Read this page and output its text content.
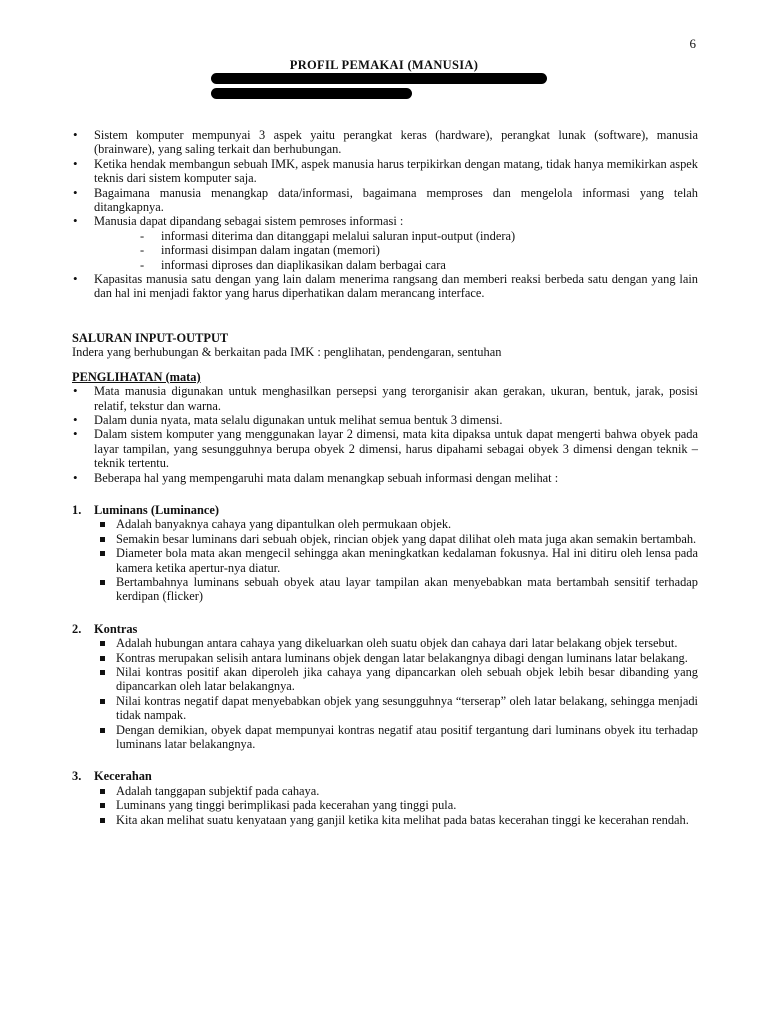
6
PROFIL PEMAKAI (MANUSIA)
• Sistem komputer mempunyai 3 aspek yaitu perangkat keras (hardware), perangkat lunak (software), manusia (brainware), yang saling terkait dan berhubungan.
• Ketika hendak membangun sebuah IMK, aspek manusia harus terpikirkan dengan matang, tidak hanya memikirkan aspek teknis dari sistem komputer saja.
• Bagaimana manusia menangkap data/informasi, bagaimana memproses dan mengelola informasi yang telah ditangkapnya.
• Manusia dapat dipandang sebagai sistem pemroses informasi :
- informasi diterima dan ditanggapi melalui saluran input-output (indera)
- informasi disimpan dalam ingatan (memori)
- informasi diproses dan diaplikasikan dalam berbagai cara
• Kapasitas manusia satu dengan yang lain dalam menerima rangsang dan memberi reaksi berbeda satu dengan yang lain dan hal ini menjadi faktor yang harus diperhatikan dalam merancang interface.
SALURAN INPUT-OUTPUT
Indera yang berhubungan & berkaitan pada IMK : penglihatan, pendengaran, sentuhan
PENGLIHATAN (mata)
• Mata manusia digunakan untuk menghasilkan persepsi yang terorganisir akan gerakan, ukuran, bentuk, jarak, posisi relatif, tekstur dan warna.
• Dalam dunia nyata, mata selalu digunakan untuk melihat semua bentuk 3 dimensi.
• Dalam sistem komputer yang menggunakan layar 2 dimensi, mata kita dipaksa untuk dapat mengerti bahwa obyek pada layar tampilan, yang sesungguhnya berupa obyek 2 dimensi, harus dipahami sebagai obyek 3 dimensi dengan teknik – teknik tertentu.
• Beberapa hal yang mempengaruhi mata dalam menangkap sebuah informasi dengan melihat :
1. Luminans (Luminance)
Adalah banyaknya cahaya yang dipantulkan oleh permukaan objek.
Semakin besar luminans dari sebuah objek, rincian objek yang dapat dilihat oleh mata juga akan semakin bertambah.
Diameter bola mata akan mengecil sehingga akan meningkatkan kedalaman fokusnya. Hal ini ditiru oleh lensa pada kamera ketika apertur-nya diatur.
Bertambahnya luminans sebuah obyek atau layar tampilan akan menyebabkan mata bertambah sensitif terhadap kerdipan (flicker)
2. Kontras
Adalah hubungan antara cahaya yang dikeluarkan oleh suatu objek dan cahaya dari latar belakang objek tersebut.
Kontras merupakan selisih antara luminans objek dengan latar belakangnya dibagi dengan luminans latar belakang.
Nilai kontras positif akan diperoleh jika cahaya yang dipancarkan oleh sebuah objek lebih besar dibanding yang dipancarkan oleh latar belakangnya.
Nilai kontras negatif dapat menyebabkan objek yang sesungguhnya “terserap” oleh latar belakang, sehingga menjadi tidak nampak.
Dengan demikian, obyek dapat mempunyai kontras negatif atau positif tergantung dari luminans obyek itu terhadap luminans latar belakangnya.
3. Kecerahan
Adalah tanggapan subjektif pada cahaya.
Luminans yang tinggi berimplikasi pada kecerahan yang tinggi pula.
Kita akan melihat suatu kenyataan yang ganjil ketika kita melihat pada batas kecerahan tinggi ke kecerahan rendah.
